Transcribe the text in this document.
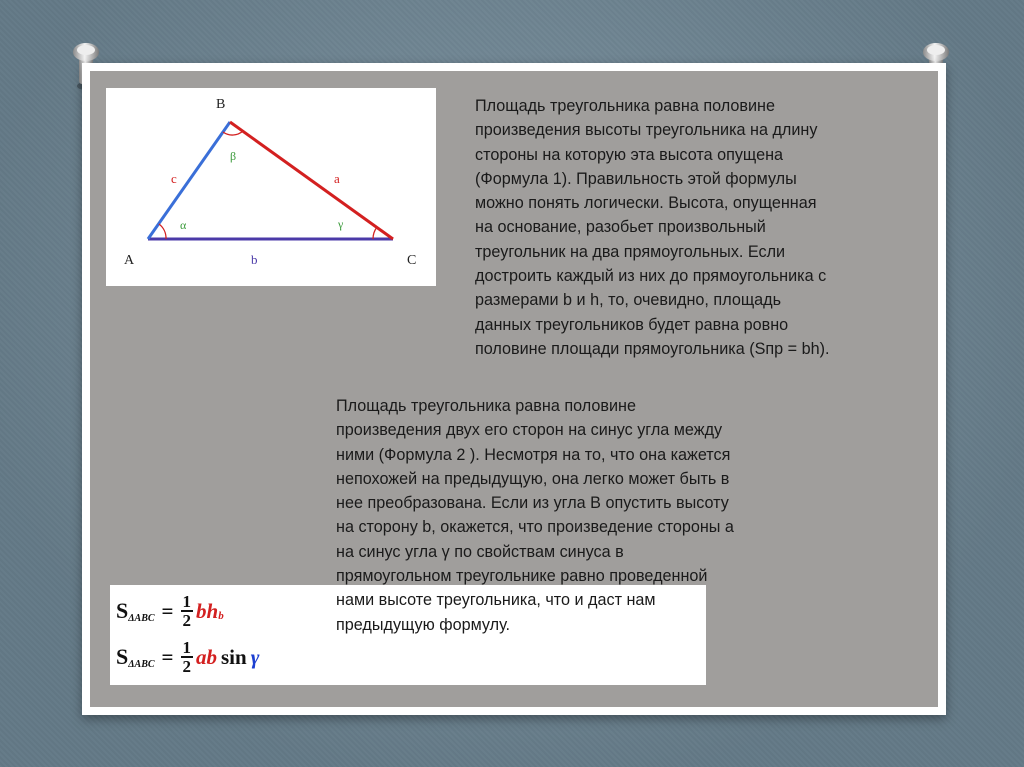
B
A	C
a
b
c
α
β
γ

Площадь треугольника равна половине
произведения высоты треугольника на длину
стороны на которую эта высота опущена
(Формула 1). Правильность этой формулы
можно понять логически. Высота, опущенная
на основание, разобьет произвольный
треугольник на два прямоугольных. Если
достроить каждый из них до прямоугольника с
размерами b и h, то, очевидно, площадь
данных треугольников будет равна ровно
половине площади прямоугольника (Sпр = bh).

S $\Delta ABC = \frac{1}{2}$ b h b
S $\Delta ABC = \frac{1}{2}$ ab sin γ

Площадь треугольника равна половине
произведения двух его сторон на синус угла между
ними (Формула 2 ). Несмотря на то, что она кажется
непохожей на предыдущую, она легко может быть в
нее преобразована. Если из угла B опустить высоту
на сторону b, окажется, что произведение стороны a
на синус угла γ по свойствам синуса в
прямоугольном треугольнике равно проведенной
нами высоте треугольника, что и даст нам
предыдущую формулу.
